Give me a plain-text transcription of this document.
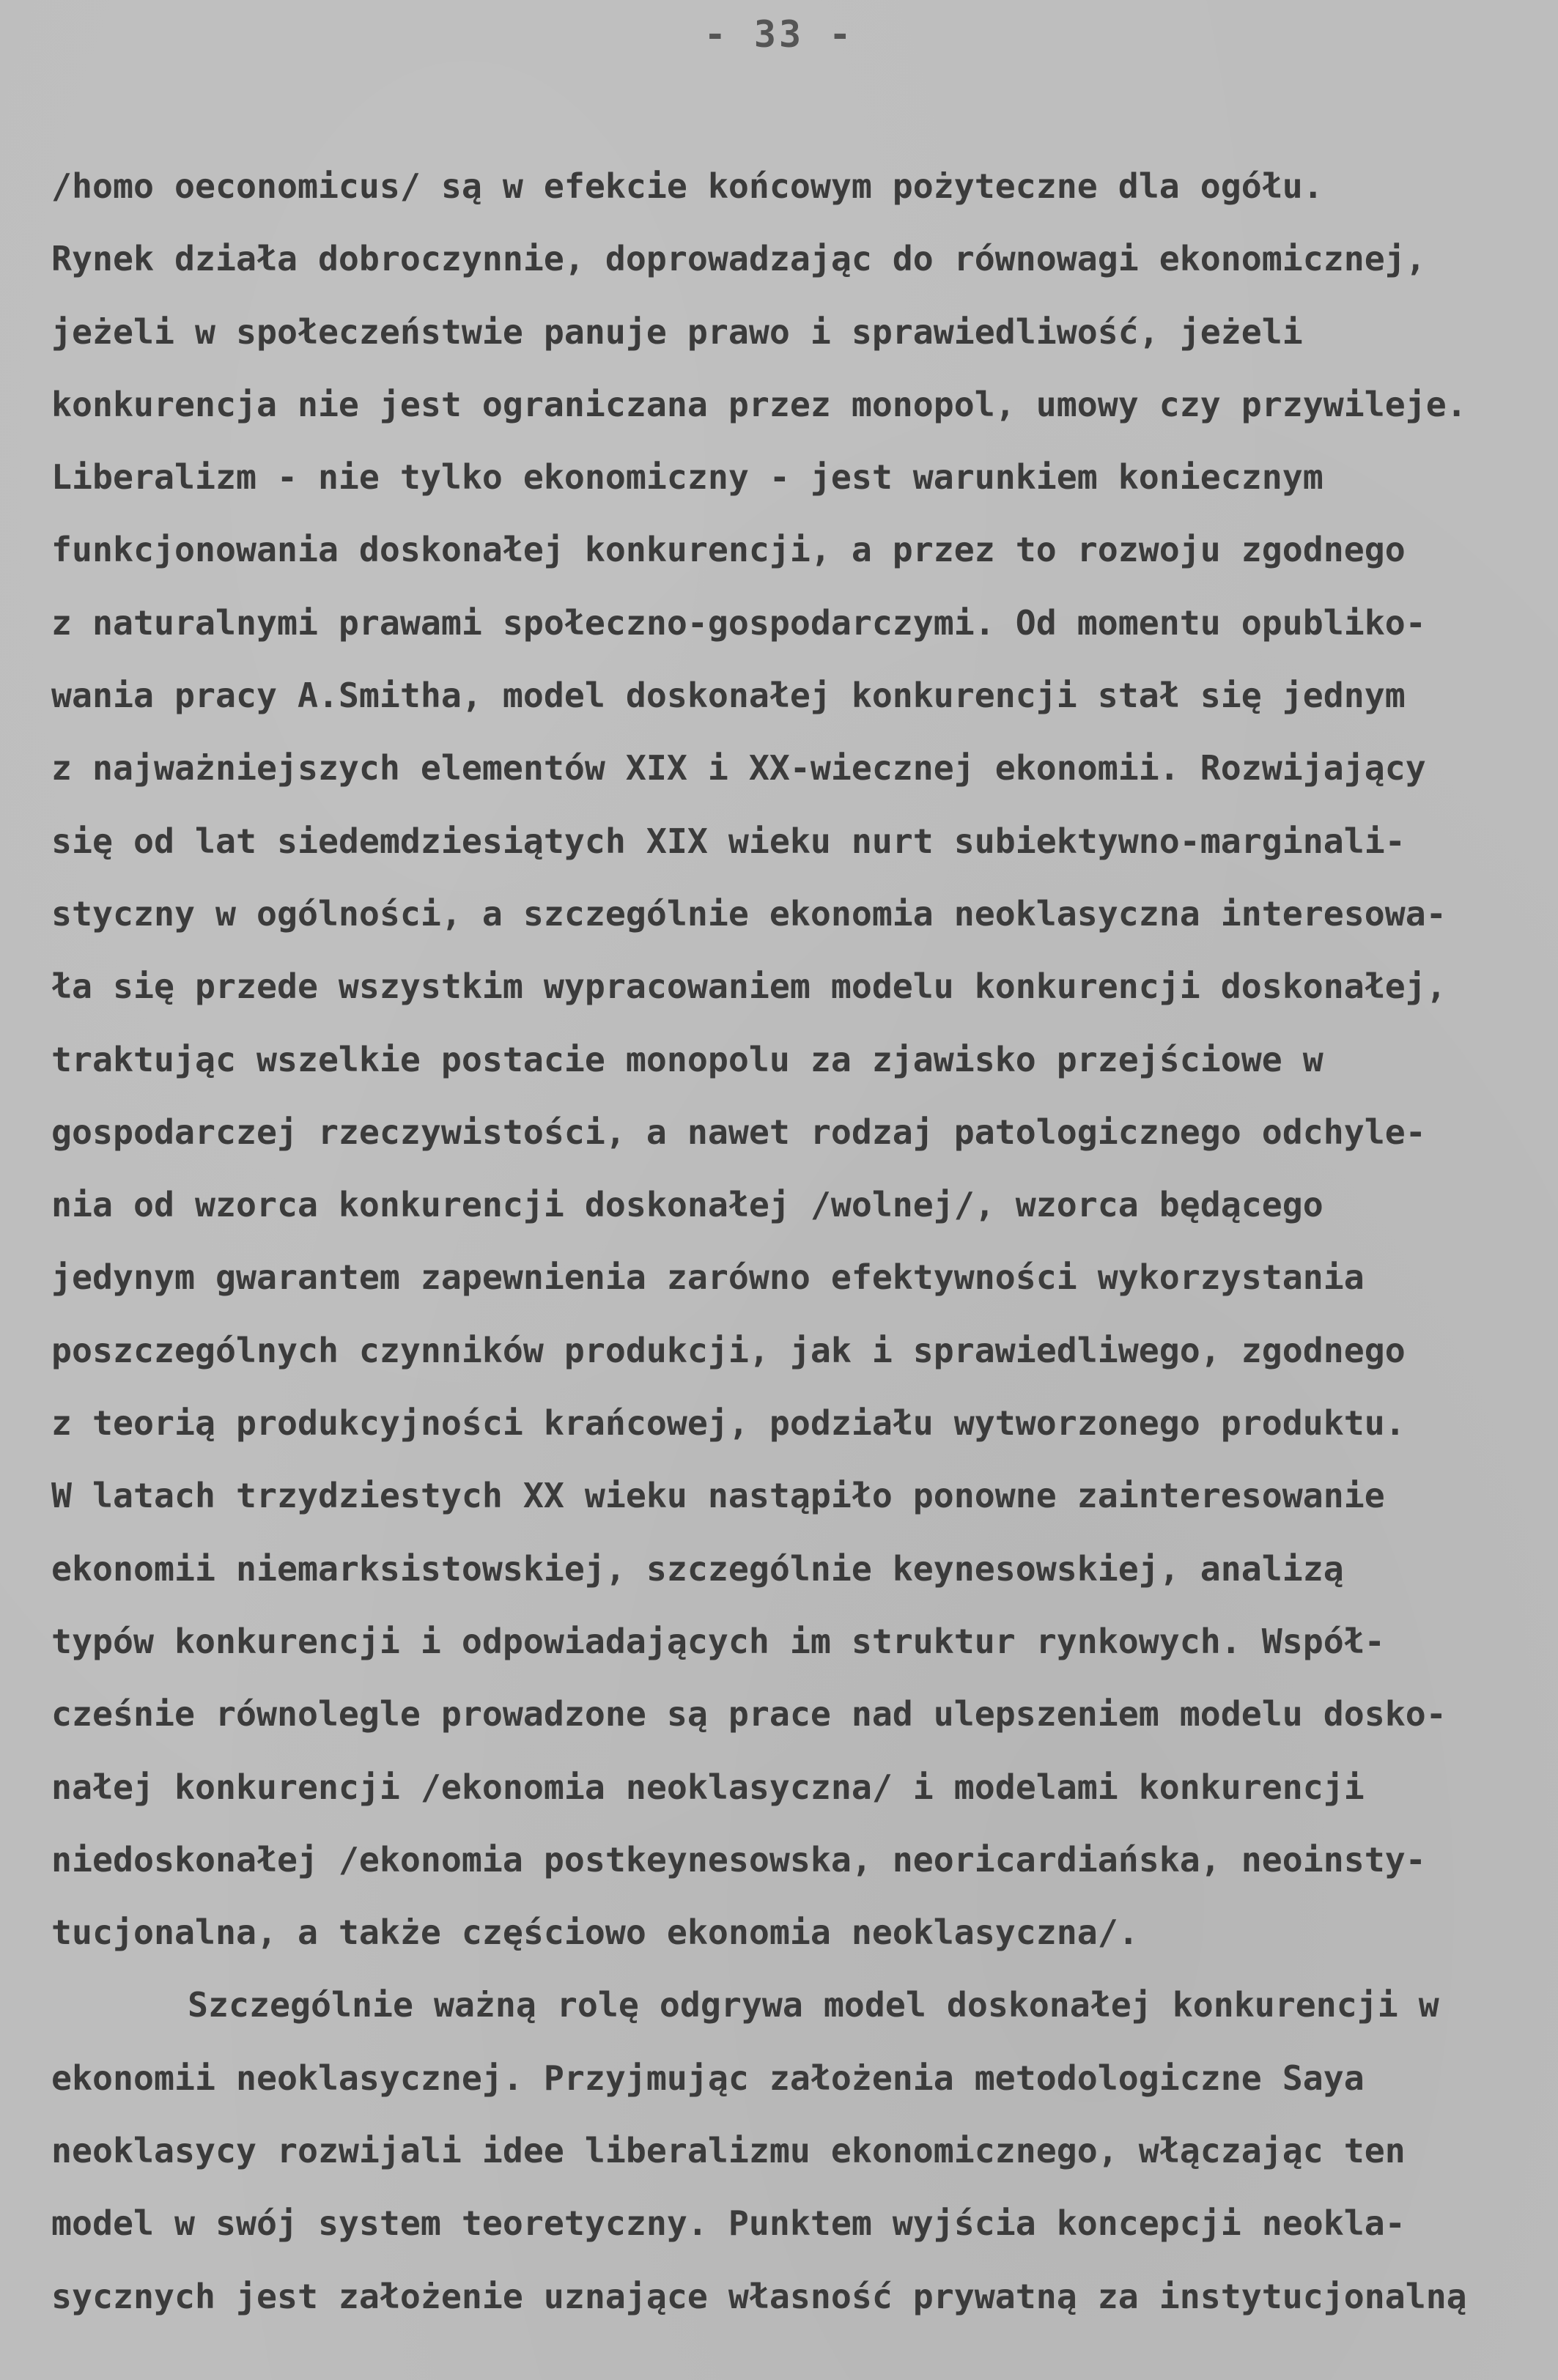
- 33 -
/homo oeconomicus/ są w efekcie końcowym pożyteczne dla ogółu.
Rynek działa dobroczynnie, doprowadzając do równowagi ekonomicznej,
jeżeli w społeczeństwie panuje prawo i sprawiedliwość, jeżeli
konkurencja nie jest ograniczana przez monopol, umowy czy przywileje.
Liberalizm - nie tylko ekonomiczny - jest warunkiem koniecznym
funkcjonowania doskonałej konkurencji, a przez to rozwoju zgodnego
z naturalnymi prawami społeczno-gospodarczymi. Od momentu opubliko-
wania pracy A.Smitha, model doskonałej konkurencji stał się jednym
z najważniejszych elementów XIX i XX-wiecznej ekonomii. Rozwijający
się od lat siedemdziesiątych XIX wieku nurt subiektywno-marginali-
styczny w ogólności, a szczególnie ekonomia neoklasyczna interesowa-
ła się przede wszystkim wypracowaniem modelu konkurencji doskonałej,
traktując wszelkie postacie monopolu za zjawisko przejściowe w
gospodarczej rzeczywistości, a nawet rodzaj patologicznego odchyle-
nia od wzorca konkurencji doskonałej /wolnej/, wzorca będącego
jedynym gwarantem zapewnienia zarówno efektywności wykorzystania
poszczególnych czynników produkcji, jak i sprawiedliwego, zgodnego
z teorią produkcyjności krańcowej, podziału wytworzonego produktu.
W latach trzydziestych XX wieku nastąpiło ponowne zainteresowanie
ekonomii niemarksistowskiej, szczególnie keynesowskiej, analizą
typów konkurencji i odpowiadających im struktur rynkowych. Współ-
cześnie równolegle prowadzone są prace nad ulepszeniem modelu dosko-
nałej konkurencji /ekonomia neoklasyczna/ i modelami konkurencji
niedoskonałej /ekonomia postkeynesowska, neoricardiańska, neoinsty-
tucjonalna, a także częściowo ekonomia neoklasyczna/.
Szczególnie ważną rolę odgrywa model doskonałej konkurencji w
ekonomii neoklasycznej. Przyjmując założenia metodologiczne Saya
neoklasycy rozwijali idee liberalizmu ekonomicznego, włączając ten
model w swój system teoretyczny. Punktem wyjścia koncepcji neokla-
sycznych jest założenie uznające własność prywatną za instytucjonalną
